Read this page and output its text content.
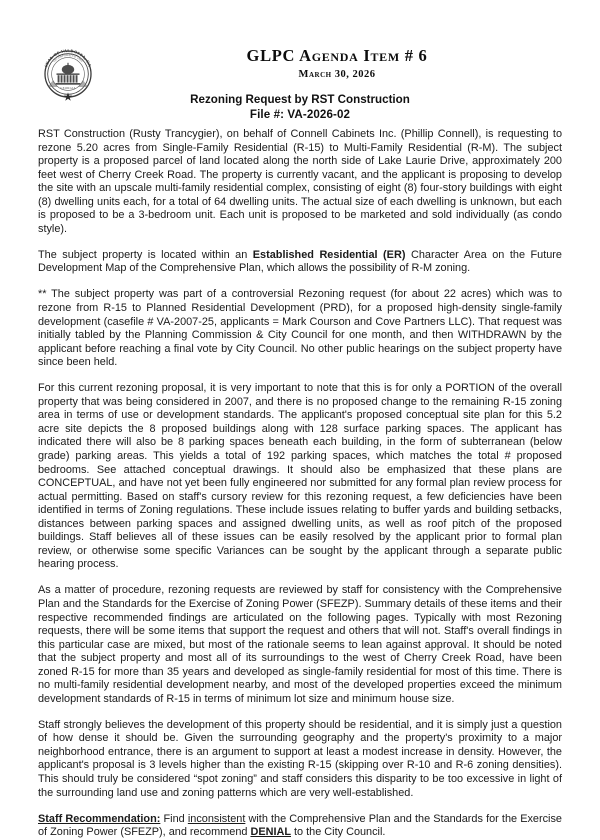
SEAL OF VALDOSTA, GA
INCORPORATED 1860
GEORGIA
GLPC Agenda Item # 6
March 30, 2026
Rezoning Request by RST Construction
File #: VA-2026-02

RST Construction (Rusty Trancygier), on behalf of Connell Cabinets Inc. (Phillip Connell), is requesting to rezone 5.20 acres from Single-Family Residential (R-15) to Multi-Family Residential (R-M). The subject property is a proposed parcel of land located along the north side of Lake Laurie Drive, approximately 200 feet west of Cherry Creek Road. The property is currently vacant, and the applicant is proposing to develop the site with an upscale multi-family residential complex, consisting of eight (8) four-story buildings with eight (8) dwelling units each, for a total of 64 dwelling units. The actual size of each dwelling is unknown, but each is proposed to be a 3-bedroom unit. Each unit is proposed to be marketed and sold individually (as condo style).

The subject property is located within an Established Residential (ER) Character Area on the Future Development Map of the Comprehensive Plan, which allows the possibility of R-M zoning.

** The subject property was part of a controversial Rezoning request (for about 22 acres) which was to rezone from R-15 to Planned Residential Development (PRD), for a proposed high-density single-family development (casefile # VA-2007-25, applicants = Mark Courson and Cove Partners LLC). That request was initially tabled by the Planning Commission & City Council for one month, and then WITHDRAWN by the applicant before reaching a final vote by City Council. No other public hearings on the subject property have since been held.

For this current rezoning proposal, it is very important to note that this is for only a PORTION of the overall property that was being considered in 2007, and there is no proposed change to the remaining R-15 zoning area in terms of use or development standards. The applicant's proposed conceptual site plan for this 5.2 acre site depicts the 8 proposed buildings along with 128 surface parking spaces. The applicant has indicated there will also be 8 parking spaces beneath each building, in the form of subterranean (below grade) parking areas. This yields a total of 192 parking spaces, which matches the total # proposed bedrooms. See attached conceptual drawings. It should also be emphasized that these plans are CONCEPTUAL, and have not yet been fully engineered nor submitted for any formal plan review process for actual permitting. Based on staff's cursory review for this rezoning request, a few deficiencies have been identified in terms of Zoning regulations. These include issues relating to buffer yards and building setbacks, distances between parking spaces and assigned dwelling units, as well as roof pitch of the proposed buildings. Staff believes all of these issues can be easily resolved by the applicant prior to formal plan review, or otherwise some specific Variances can be sought by the applicant through a separate public hearing process.

As a matter of procedure, rezoning requests are reviewed by staff for consistency with the Comprehensive Plan and the Standards for the Exercise of Zoning Power (SFEZP). Summary details of these items and their respective recommended findings are articulated on the following pages. Typically with most Rezoning requests, there will be some items that support the request and others that will not. Staff's overall findings in this particular case are mixed, but most of the rationale seems to lean against approval. It should be noted that the subject property and most all of its surroundings to the west of Cherry Creek Road, have been zoned R-15 for more than 35 years and developed as single-family residential for most of this time. There is no multi-family residential development nearby, and most of the developed properties exceed the minimum development standards of R-15 in terms of minimum lot size and minimum house size.

Staff strongly believes the development of this property should be residential, and it is simply just a question of how dense it should be. Given the surrounding geography and the property's proximity to a major neighborhood entrance, there is an argument to support at least a modest increase in density. However, the applicant's proposal is 3 levels higher than the existing R-15 (skipping over R-10 and R-6 zoning densities). This should truly be considered “spot zoning” and staff considers this disparity to be too excessive in light of the surrounding land use and zoning patterns which are very well-established.

Staff Recommendation: Find inconsistent with the Comprehensive Plan and the Standards for the Exercise of Zoning Power (SFEZP), and recommend DENIAL to the City Council.
